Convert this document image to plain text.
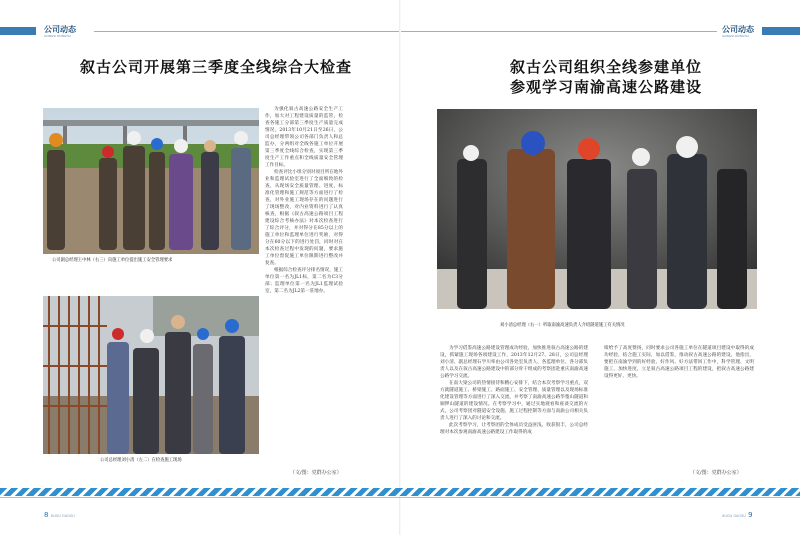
公司动态
GONGSI DONGTAI
公司动态
GONGSI DONGTAI
叙古公司开展第三季度全线综合大检查
公司副总经理王中林（右三）向施工单位提出施工安全管理要求
公司总经理刘小清（左二）在检查施工现场

为强化叙古高速公路安全生产工作，加大对工程建设质量的监管，检查各施工分部第三季度生产质量完成情况，2013年10月21日至26日，公司总经理带领公司各部门负责人和总监办，分两组对全线各施工单位开展第三季度全线综合检查，实现第三季度生产工作重点和全线质量安全管理工作目标。

检查评比小组分别对项目所在地外业和监理试验室进行了全面细致的检查，从现场安全质量管理、进度、标准化管理和施工规范等方面进行了检查，对外业施工现场存在的问题进行了现场整改，对内业资料进行了认真核查，根据《叙古高速公路项目工程建设综合考核办法》对本次检查进行了综合评分，并对得分在85分以上的施工单位和监理单位进行奖励，对得分在60分以下的进行处罚，同时对在本次检查过程中发现的问题，要求施工单位督促施工单位限期进行整改并复查。

根据综合检查评分排名情况，施工单位第一名为JL1标，第二名为C3分部；监理单位第一名为JL1监理试验室，第二名为JL2第一驻地办。

（文/图：党群办公室）
叙古公司组织全线参建单位
参观学习南渝高速公路建设
刘小清总经理（右一）听取南渝高速负责人介绍隧道施工有关情况

为学习借鉴高速公路建设管理成功经验，加快推进叙古高速公路的建设，抓紧施工现场各项建设工作，2013年12月27、28日，公司总经理刘小清、副总经理石学川率由公司各处室负责人、各监理单位、各分部负责人以及在叙古高速公路建设中的部分骨干组成的考察团赴重庆南渝高速公路学习交流。

在南大梁公司的热情接待和精心安排下，结合本次考察学习重点，双方就隧道施工、桥梁施工、路面施工、安全管理、质量管理以及现场标准化建设管理等方面进行了深入交流，并考察了南渝高速公路华蓥山隧道和铜锣山隧道的建设情况。在考察学习中，通过实地观看和座谈交流的方式，公司考察团对隧道安全设施、施工过程控制等方面与南渝公司相关负责人进行了深入的讨论和交流。

此次考察学习，让考察团的全体成员受益匪浅，收获很丰，公司总经理对本次参观南渝高速公路建设工作取得的成

绩给予了高度赞扬，同时要求公司各施工单位在隧道项目建设中取得的成功经验，结合施工实际，加以借鉴，推动叙古高速公路的建设。他指出，要把在南渝学到的好经验、好作风、好方法带回工作中，科学管理、文明施工、加快进度，立足叙古高速公路项目工程的建设，把叙古高速公路建设得更好、更快。

（文/图：党群办公室）
8 XUGU GAOSU	XUGU GAOSU 9
